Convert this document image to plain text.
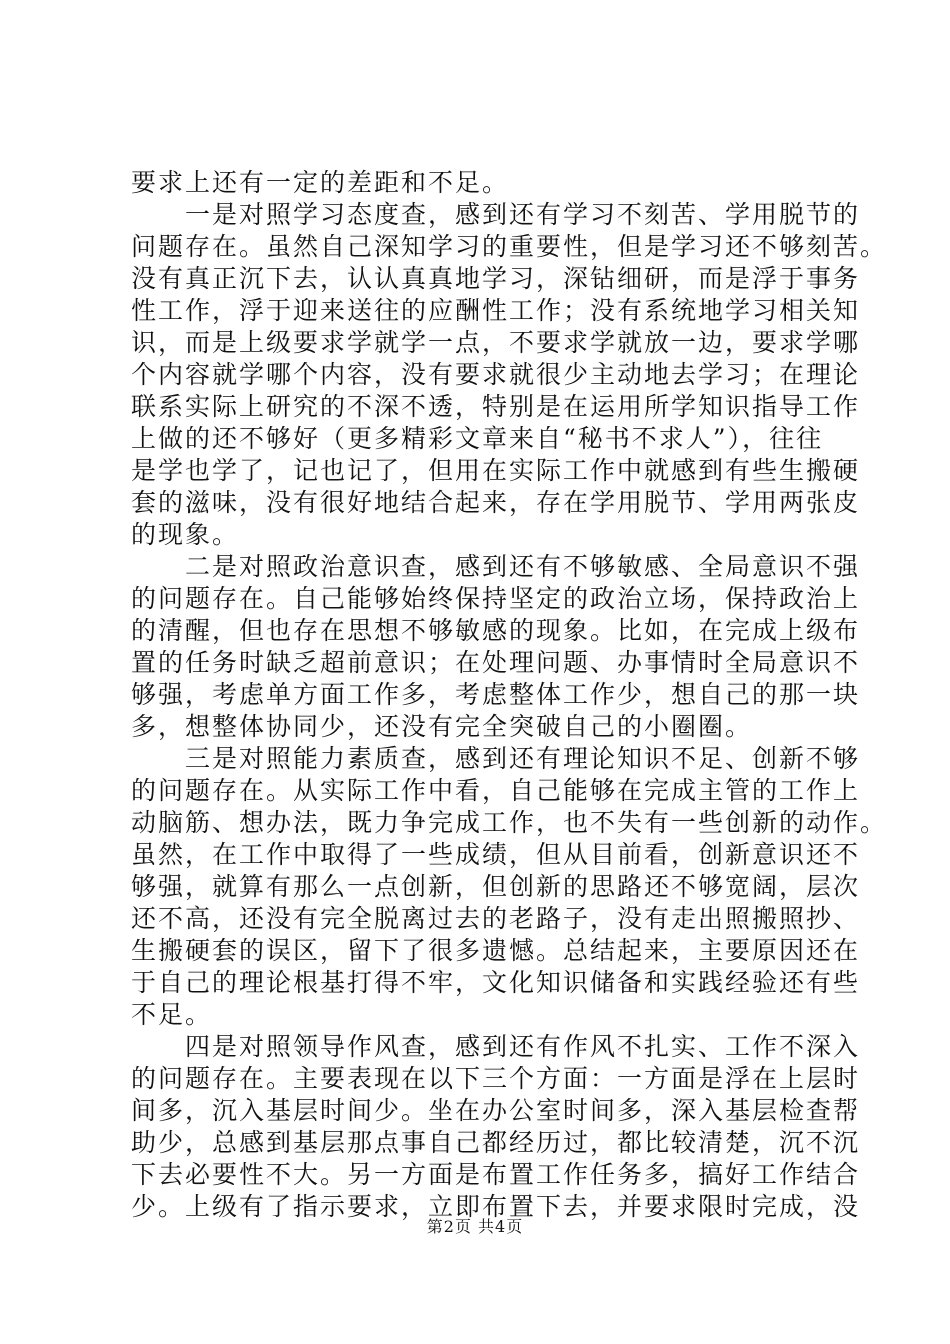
要求上还有一定的差距和不足。
　　一是对照学习态度查，感到还有学习不刻苦、学用脱节的
问题存在。虽然自己深知学习的重要性，但是学习还不够刻苦。
没有真正沉下去，认认真真地学习，深钻细研，而是浮于事务
性工作，浮于迎来送往的应酬性工作；没有系统地学习相关知
识，而是上级要求学就学一点，不要求学就放一边，要求学哪
个内容就学哪个内容，没有要求就很少主动地去学习；在理论
联系实际上研究的不深不透，特别是在运用所学知识指导工作
上做的还不够好（更多精彩文章来自“秘书不求人”），往往
是学也学了，记也记了，但用在实际工作中就感到有些生搬硬
套的滋味，没有很好地结合起来，存在学用脱节、学用两张皮
的现象。
　　二是对照政治意识查，感到还有不够敏感、全局意识不强
的问题存在。自己能够始终保持坚定的政治立场，保持政治上
的清醒，但也存在思想不够敏感的现象。比如，在完成上级布
置的任务时缺乏超前意识；在处理问题、办事情时全局意识不
够强，考虑单方面工作多，考虑整体工作少，想自己的那一块
多，想整体协同少，还没有完全突破自己的小圈圈。
　　三是对照能力素质查，感到还有理论知识不足、创新不够
的问题存在。从实际工作中看，自己能够在完成主管的工作上
动脑筋、想办法，既力争完成工作，也不失有一些创新的动作。
虽然，在工作中取得了一些成绩，但从目前看，创新意识还不
够强，就算有那么一点创新，但创新的思路还不够宽阔，层次
还不高，还没有完全脱离过去的老路子，没有走出照搬照抄、
生搬硬套的误区，留下了很多遗憾。总结起来，主要原因还在
于自己的理论根基打得不牢，文化知识储备和实践经验还有些
不足。
　　四是对照领导作风查，感到还有作风不扎实、工作不深入
的问题存在。主要表现在以下三个方面：一方面是浮在上层时
间多，沉入基层时间少。坐在办公室时间多，深入基层检查帮
助少，总感到基层那点事自己都经历过，都比较清楚，沉不沉
下去必要性不大。另一方面是布置工作任务多，搞好工作结合
少。上级有了指示要求，立即布置下去，并要求限时完成，没
第2页 共4页
